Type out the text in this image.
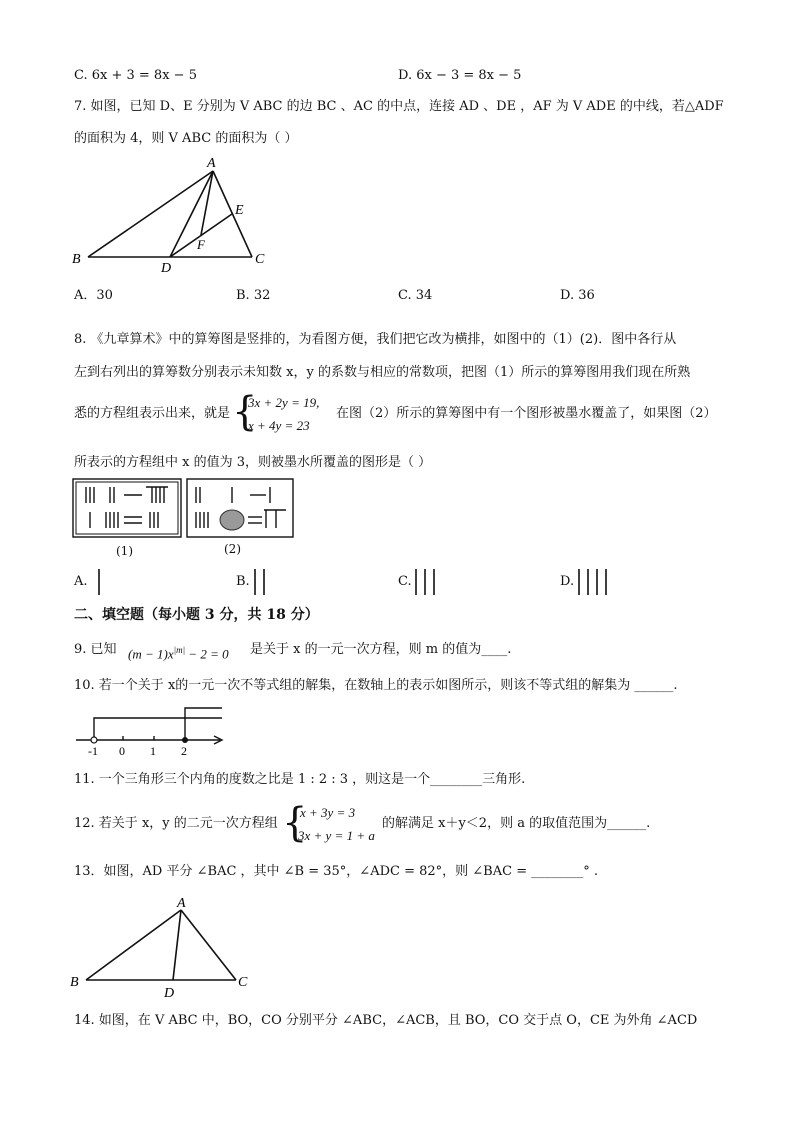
C. 6x + 3 = 8x − 5	D. 6x − 3 = 8x − 5
7. 如图，已知 D、E 分别为 V ABC 的边 BC 、AC 的中点，连接 AD 、DE ，AF 为 V ADE 的中线，若△ADF
的面积为 4，则 V ABC 的面积为（ ）
A
B	C
D
E
F
A．30	B. 32	C. 34	D. 36
8. 《九章算术》中的算筹图是竖排的，为看图方便，我们把它改为横排，如图中的（1）(2)．图中各行从
左到右列出的算筹数分别表示未知数 x，y 的系数与相应的常数项，把图（1）所示的算筹图用我们现在所熟
悉的方程组表示出来，就是 {
3x + 2y = 19,
x + 4y = 23
在图（2）所示的算筹图中有一个图形被墨水覆盖了，如果图（2）
所表示的方程组中 x 的值为 3，则被墨水所覆盖的图形是（ ）
(1)	(2)
A.	B.	C.	D.
二、填空题（每小题 3 分，共 18 分）
9. 已知 $(m - 1)x^{|m|} - 2 = 0$ 是关于 x 的一元一次方程，则 m 的值为____.
10. 若一个关于 x的一元一次不等式组的解集，在数轴上的表示如图所示，则该不等式组的解集为 ______.
-1 0 1 2
11. 一个三角形三个内角的度数之比是 1 : 2 : 3 ，则这是一个________三角形.
12. 若关于 x，y 的二元一次方程组 {
x + 3y = 3
3x + y = 1 + a
的解满足 x＋y＜2，则 a 的取值范围为______.
13．如图，AD 平分 ∠BAC ，其中 ∠B = 35°，∠ADC = 82°，则 ∠BAC = ________° .
A
B	C
D
14. 如图，在 V ABC 中，BO，CO 分别平分 ∠ABC，∠ACB，且 BO，CO 交于点 O，CE 为外角 ∠ACD
